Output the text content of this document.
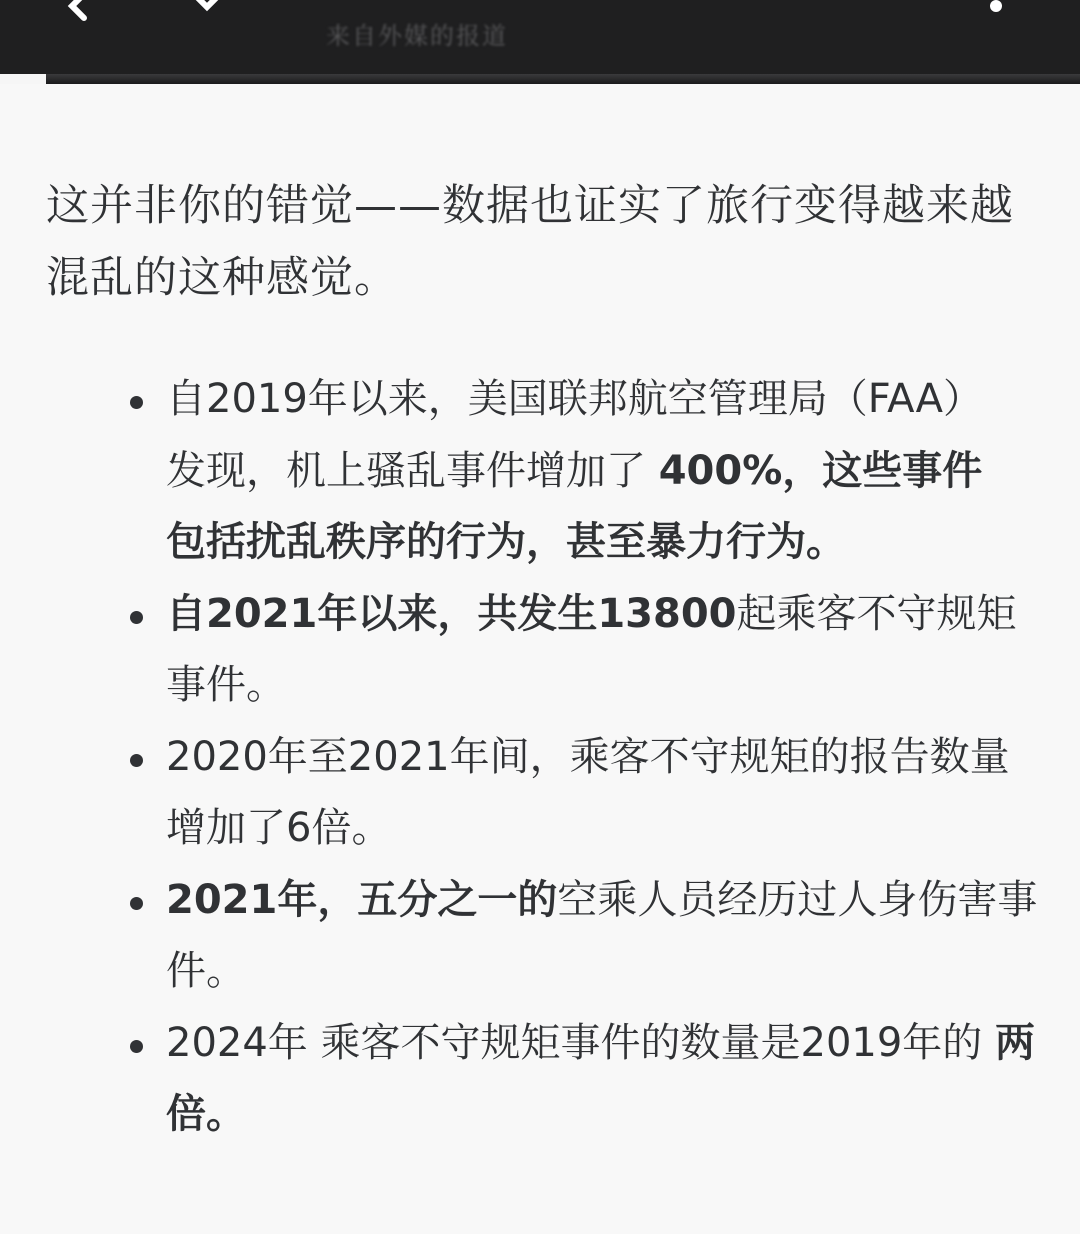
来自外媒的报道

这并非你的错觉——数据也证实了旅行变得越来越混乱的这种感觉。

自2019年以来，美国联邦航空管理局（FAA）发现，机上骚乱事件增加了 400%，这些事件包括扰乱秩序的行为，甚至暴力行为。
自2021年以来，共发生13800起乘客不守规矩事件。
2020年至2021年间，乘客不守规矩的报告数量增加了6倍。
2021年，五分之一的空乘人员经历过人身伤害事件。
2024年 乘客不守规矩事件的数量是2019年的 两倍。
